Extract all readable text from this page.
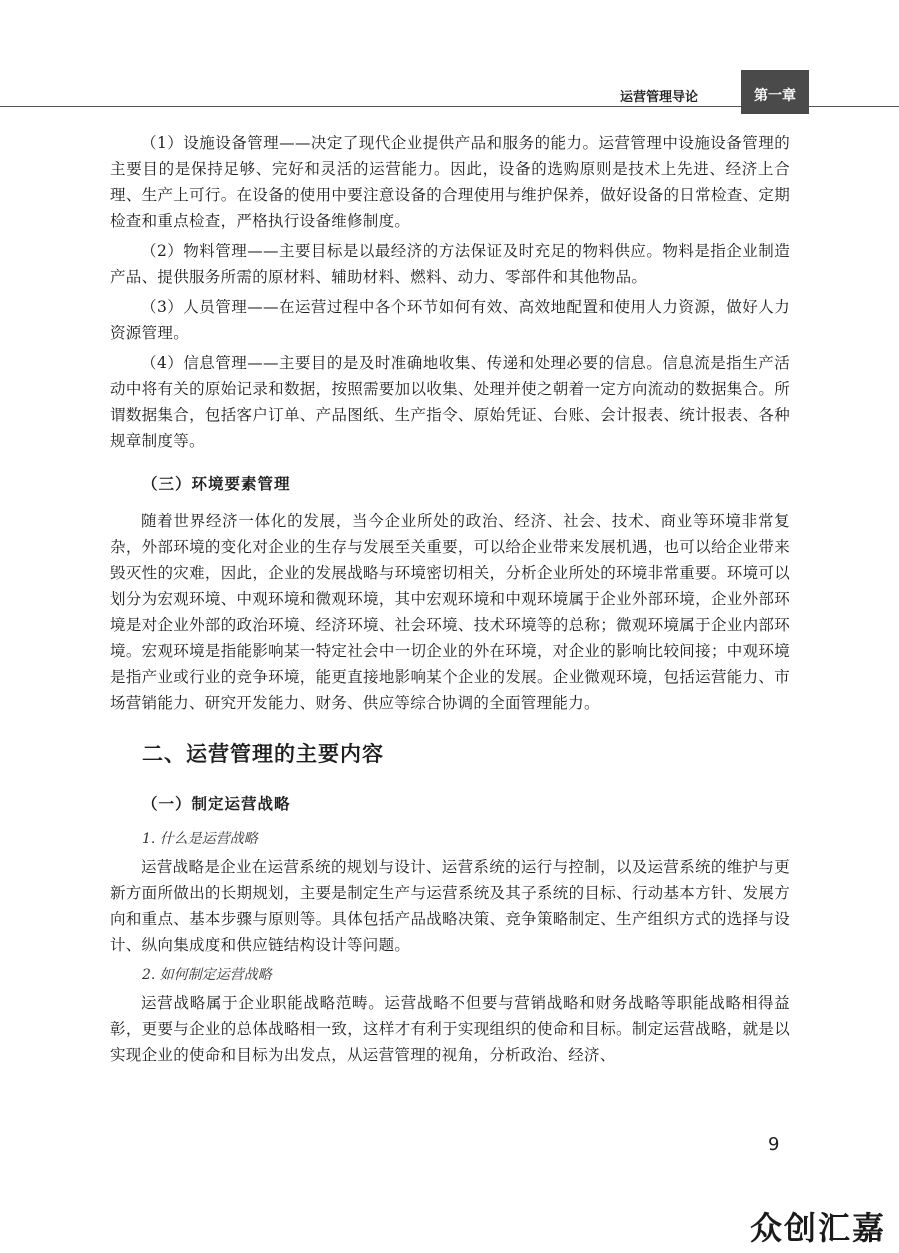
运营管理导论	第一章

（1）设施设备管理——决定了现代企业提供产品和服务的能力。运营管理中设施设备管理的主要目的是保持足够、完好和灵活的运营能力。因此，设备的选购原则是技术上先进、经济上合理、生产上可行。在设备的使用中要注意设备的合理使用与维护保养，做好设备的日常检查、定期检查和重点检查，严格执行设备维修制度。

（2）物料管理——主要目标是以最经济的方法保证及时充足的物料供应。物料是指企业制造产品、提供服务所需的原材料、辅助材料、燃料、动力、零部件和其他物品。

（3）人员管理——在运营过程中各个环节如何有效、高效地配置和使用人力资源，做好人力资源管理。

（4）信息管理——主要目的是及时准确地收集、传递和处理必要的信息。信息流是指生产活动中将有关的原始记录和数据，按照需要加以收集、处理并使之朝着一定方向流动的数据集合。所谓数据集合，包括客户订单、产品图纸、生产指令、原始凭证、台账、会计报表、统计报表、各种规章制度等。

（三）环境要素管理

随着世界经济一体化的发展，当今企业所处的政治、经济、社会、技术、商业等环境非常复杂，外部环境的变化对企业的生存与发展至关重要，可以给企业带来发展机遇，也可以给企业带来毁灭性的灾难，因此，企业的发展战略与环境密切相关，分析企业所处的环境非常重要。环境可以划分为宏观环境、中观环境和微观环境，其中宏观环境和中观环境属于企业外部环境，企业外部环境是对企业外部的政治环境、经济环境、社会环境、技术环境等的总称；微观环境属于企业内部环境。宏观环境是指能影响某一特定社会中一切企业的外在环境，对企业的影响比较间接；中观环境是指产业或行业的竞争环境，能更直接地影响某个企业的发展。企业微观环境，包括运营能力、市场营销能力、研究开发能力、财务、供应等综合协调的全面管理能力。

二、运营管理的主要内容

（一）制定运营战略

1. 什么是运营战略

运营战略是企业在运营系统的规划与设计、运营系统的运行与控制，以及运营系统的维护与更新方面所做出的长期规划，主要是制定生产与运营系统及其子系统的目标、行动基本方针、发展方向和重点、基本步骤与原则等。具体包括产品战略决策、竞争策略制定、生产组织方式的选择与设计、纵向集成度和供应链结构设计等问题。

2. 如何制定运营战略

运营战略属于企业职能战略范畴。运营战略不但要与营销战略和财务战略等职能战略相得益彰，更要与企业的总体战略相一致，这样才有利于实现组织的使命和目标。制定运营战略，就是以实现企业的使命和目标为出发点，从运营管理的视角，分析政治、经济、

9
众创汇嘉
